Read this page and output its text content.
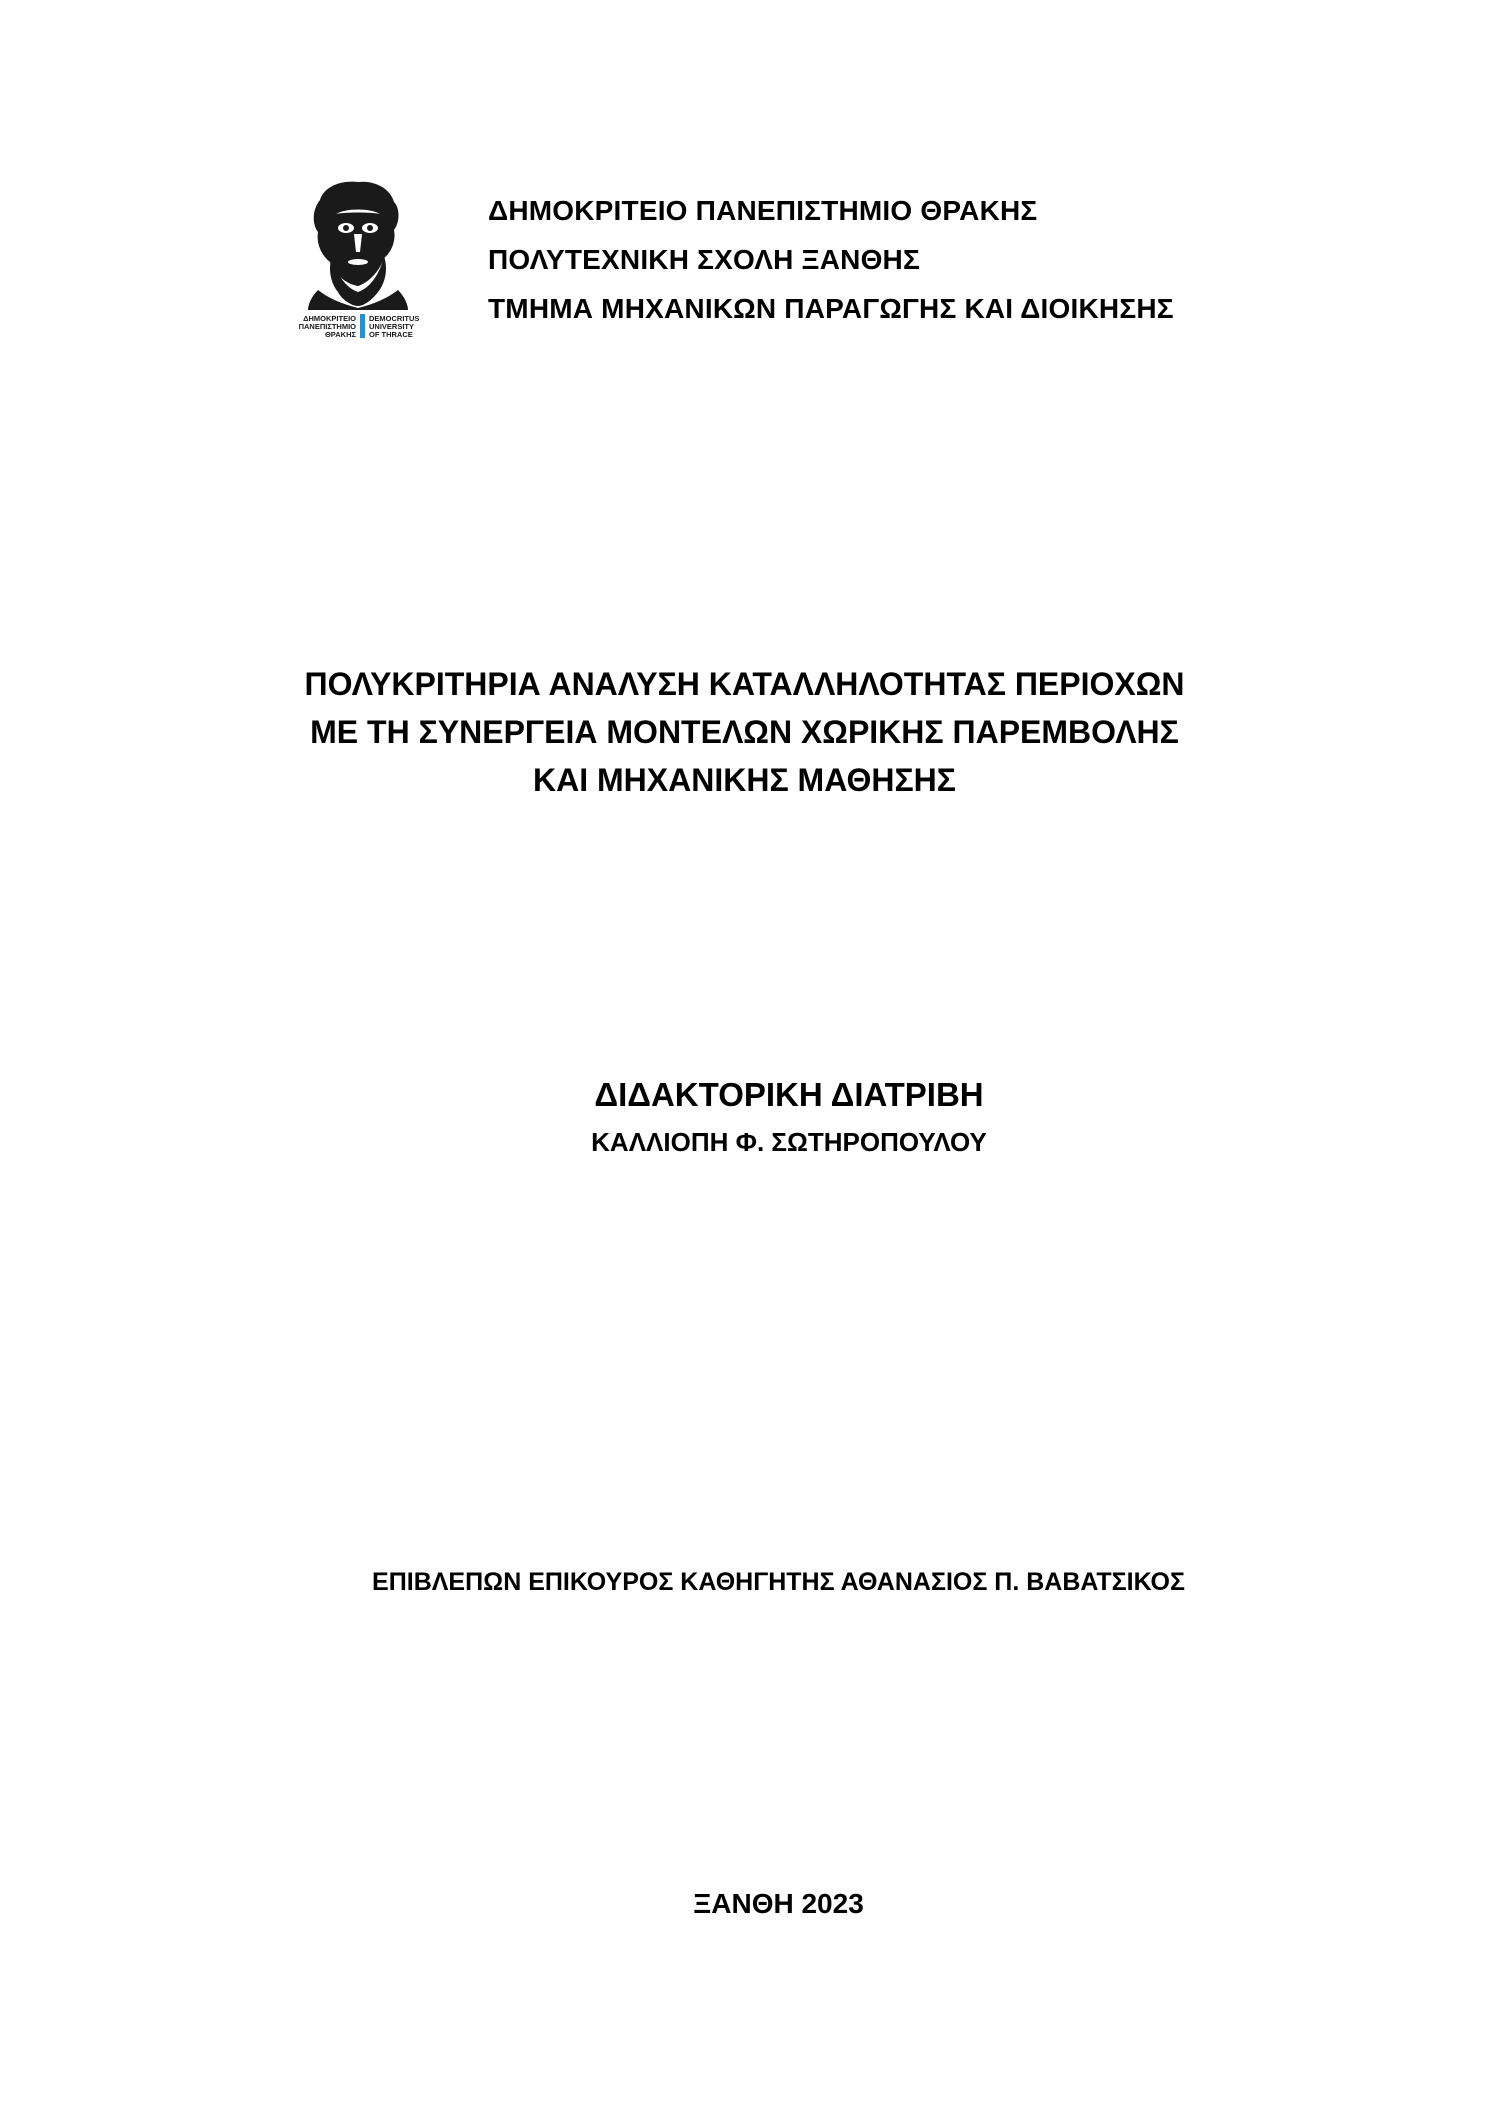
ΔΗΜΟΚΡΙΤΕΙΟ
ΠΑΝΕΠΙΣΤΗΜΙΟ
ΘΡΑΚΗΣ
DEMOCRITUS
UNIVERSITY
OF THRACE
ΔΗΜΟΚΡΙΤΕΙΟ ΠΑΝΕΠΙΣΤΗΜΙΟ ΘΡΑΚΗΣ
ΠΟΛΥΤΕΧΝΙΚΗ ΣΧΟΛΗ ΞΑΝΘΗΣ
ΤΜΗΜΑ ΜΗΧΑΝΙΚΩΝ ΠΑΡΑΓΩΓΗΣ ΚΑΙ ΔΙΟΙΚΗΣΗΣ
ΠΟΛΥΚΡΙΤΗΡΙΑ ΑΝΑΛΥΣΗ ΚΑΤΑΛΛΗΛΟΤΗΤΑΣ ΠΕΡΙΟΧΩΝ
ΜΕ ΤΗ ΣΥΝΕΡΓΕΙΑ ΜΟΝΤΕΛΩΝ ΧΩΡΙΚΗΣ ΠΑΡΕΜΒΟΛΗΣ
ΚΑΙ ΜΗΧΑΝΙΚΗΣ ΜΑΘΗΣΗΣ
ΔΙΔΑΚΤΟΡΙΚΗ ΔΙΑΤΡΙΒΗ
ΚΑΛΛΙΟΠΗ Φ. ΣΩΤΗΡΟΠΟΥΛΟΥ
ΕΠΙΒΛΕΠΩΝ ΕΠΙΚΟΥΡΟΣ ΚΑΘΗΓΗΤΗΣ ΑΘΑΝΑΣΙΟΣ Π. ΒΑΒΑΤΣΙΚΟΣ
ΞΑΝΘΗ 2023
